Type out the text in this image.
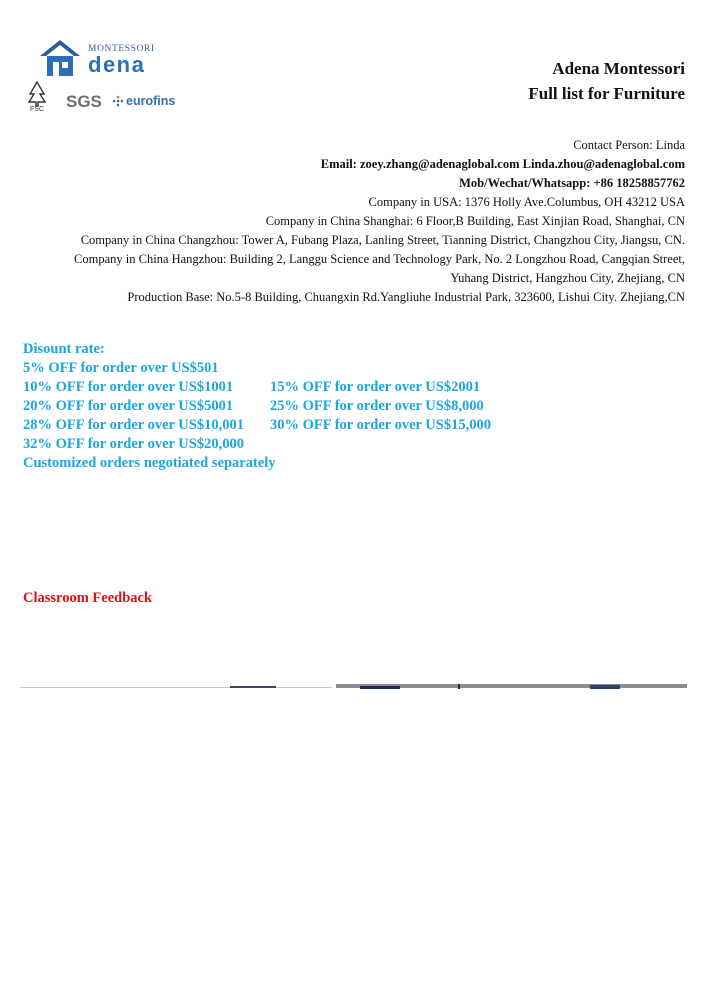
MONTESSORI
dena
FSC SGS eurofins
Adena Montessori
Full list for Furniture
Contact Person: Linda
Email: zoey.zhang@adenaglobal.com Linda.zhou@adenaglobal.com
Mob/Wechat/Whatsapp: +86 18258857762
Company in USA: 1376 Holly Ave.Columbus, OH 43212 USA
Company in China Shanghai: 6 Floor,B Building, East Xinjian Road, Shanghai, CN
Company in China Changzhou: Tower A, Fubang Plaza, Lanling Street, Tianning District, Changzhou City, Jiangsu, CN.
Company in China Hangzhou: Building 2, Langgu Science and Technology Park, No. 2 Longzhou Road, Cangqian Street,
Yuhang District, Hangzhou City, Zhejiang, CN
Production Base: No.5-8 Building, Chuangxin Rd.Yangliuhe Industrial Park, 323600, Lishui City. Zhejiang,CN
Disount rate:
5% OFF for order over US$501
10% OFF for order over US$1001	15% OFF for order over US$2001
20% OFF for order over US$5001	25% OFF for order over US$8,000
28% OFF for order over US$10,001 30% OFF for order over US$15,000
32% OFF for order over US$20,000
Customized orders negotiated separately
Classroom Feedback
